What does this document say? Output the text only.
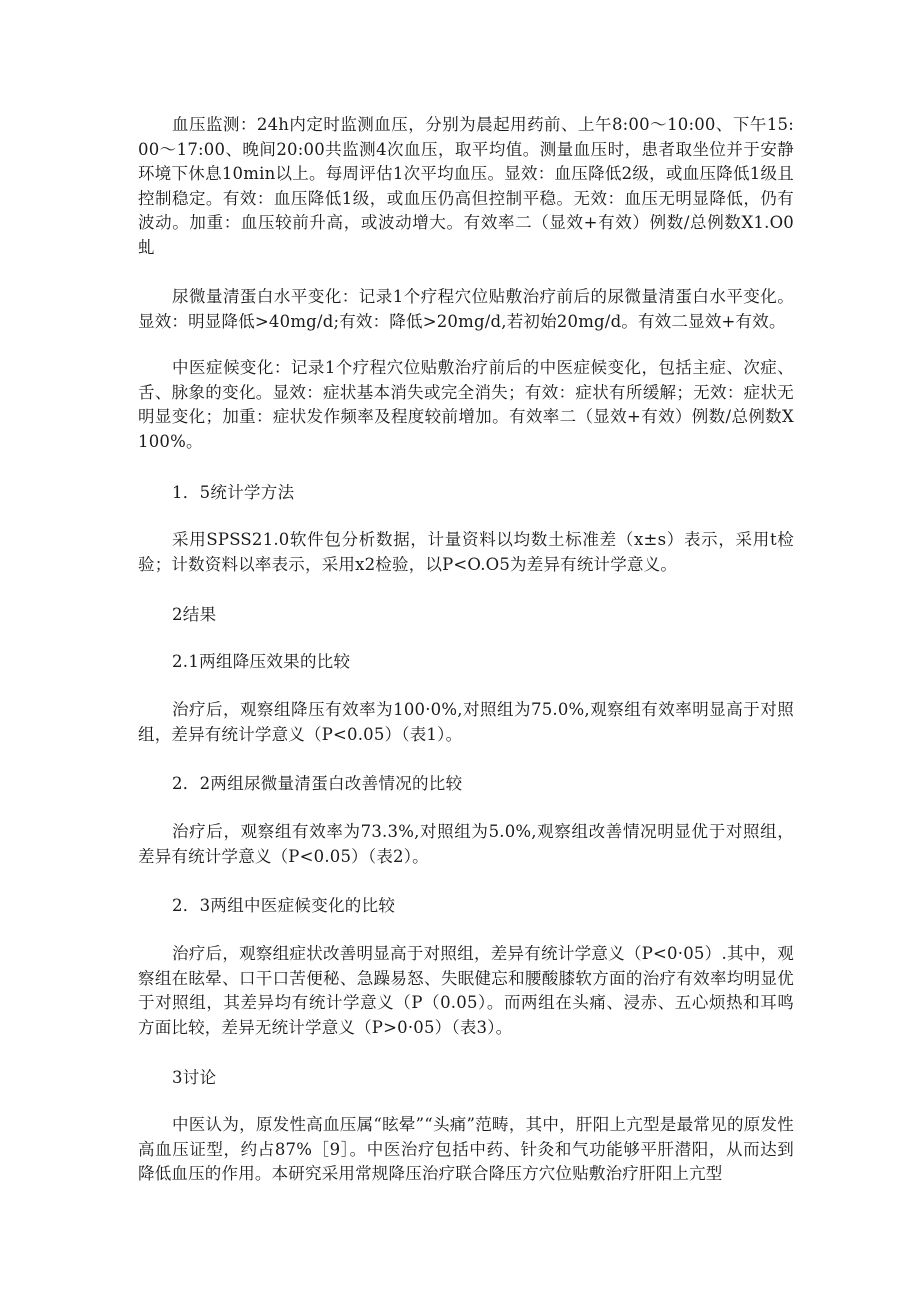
血压监测：24h内定时监测血压，分别为晨起用药前、上午8:00～10:00、下午15:00～17:00、晚间20:00共监测4次血压，取平均值。测量血压时，患者取坐位并于安静环境下休息10min以上。每周评估1次平均血压。显效：血压降低2级，或血压降低1级且控制稳定。有效：血压降低1级，或血压仍高但控制平稳。无效：血压无明显降低，仍有波动。加重：血压较前升高，或波动增大。有效率二（显效+有效）例数/总例数X1.O0虬

尿微量清蛋白水平变化：记录1个疗程穴位贴敷治疗前后的尿微量清蛋白水平变化。显效：明显降低>40mg/d;有效：降低>20mg/d,若初始20mg/d。有效二显效+有效。

中医症候变化：记录1个疗程穴位贴敷治疗前后的中医症候变化，包括主症、次症、舌、脉象的变化。显效：症状基本消失或完全消失；有效：症状有所缓解；无效：症状无明显变化；加重：症状发作频率及程度较前增加。有效率二（显效+有效）例数/总例数X100%。

1．5统计学方法

采用SPSS21.0软件包分析数据，计量资料以均数土标准差（x±s）表示，采用t检验；计数资料以率表示，采用x2检验，以P<O.O5为差异有统计学意义。

2结果

2.1两组降压效果的比较

治疗后，观察组降压有效率为100·0%,对照组为75.0%,观察组有效率明显高于对照组，差异有统计学意义（P<0.05）（表1）。

2．2两组尿微量清蛋白改善情况的比较

治疗后，观察组有效率为73.3%,对照组为5.0%,观察组改善情况明显优于对照组，差异有统计学意义（P<0.05）（表2）。

2．3两组中医症候变化的比较

治疗后，观察组症状改善明显高于对照组，差异有统计学意义（P<0·05）.其中，观察组在眩晕、口干口苦便秘、急躁易怒、失眠健忘和腰酸膝软方面的治疗有效率均明显优于对照组，其差异均有统计学意义（P（0.05）。而两组在头痛、浸赤、五心烦热和耳鸣方面比较，差异无统计学意义（P>0·05）（表3）。

3讨论

中医认为，原发性高血压属“眩晕”“头痛”范畴，其中，肝阳上亢型是最常见的原发性高血压证型，约占87%［9］。中医治疗包括中药、针灸和气功能够平肝潜阳，从而达到降低血压的作用。本研究采用常规降压治疗联合降压方穴位贴敷治疗肝阳上亢型
